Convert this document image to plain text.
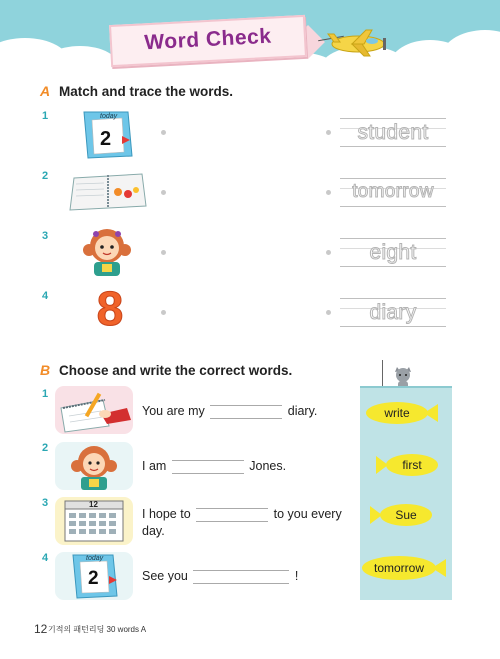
Word Check
A Match and trace the words.
1	today
2
2
3
4 8
student
tomorrow
eight
diary
B Choose and write the correct words.
1
You are my	diary.
2
I am	Jones.
3	12
I hope to	to you every
day.
4	today
2	See you	!
write
first
Sue
tomorrow
12 기적의 패턴리딩 30 words A
